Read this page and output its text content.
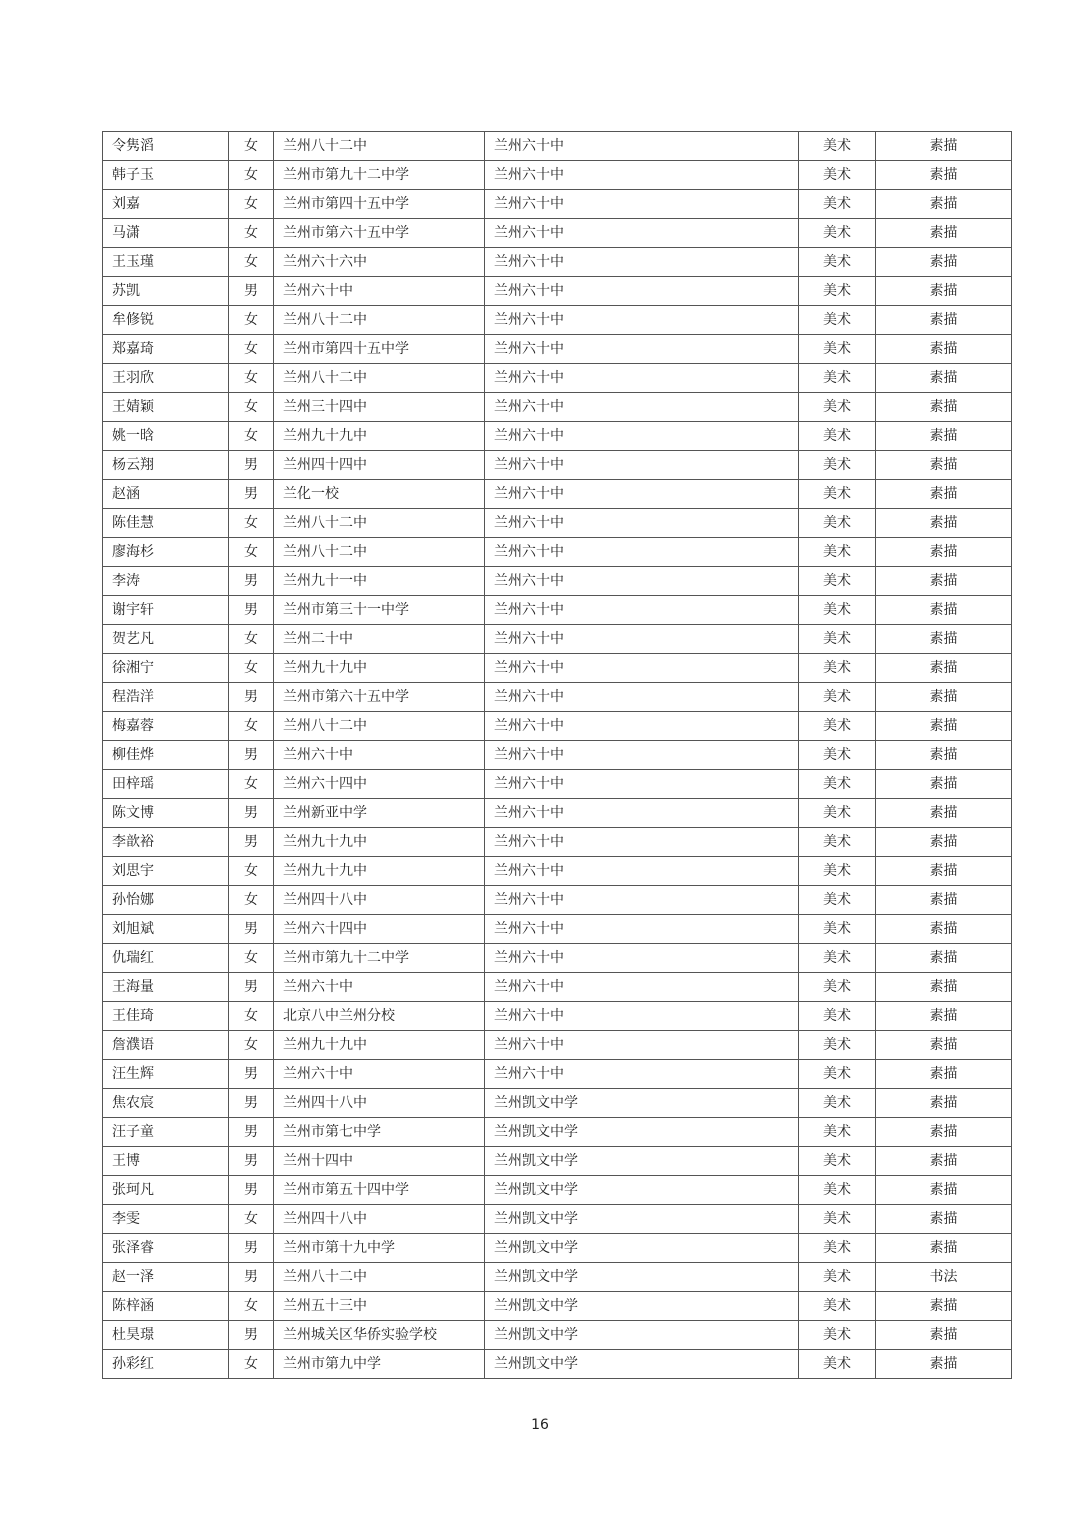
令隽滔	女	兰州八十二中	兰州六十中	美术	素描
韩子玉	女	兰州市第九十二中学	兰州六十中	美术	素描
刘嘉	女	兰州市第四十五中学	兰州六十中	美术	素描
马潇	女	兰州市第六十五中学	兰州六十中	美术	素描
王玉瑾	女	兰州六十六中	兰州六十中	美术	素描
苏凯	男	兰州六十中	兰州六十中	美术	素描
牟修锐	女	兰州八十二中	兰州六十中	美术	素描
郑嘉琦	女	兰州市第四十五中学	兰州六十中	美术	素描
王羽欣	女	兰州八十二中	兰州六十中	美术	素描
王婧颖	女	兰州三十四中	兰州六十中	美术	素描
姚一晗	女	兰州九十九中	兰州六十中	美术	素描
杨云翔	男	兰州四十四中	兰州六十中	美术	素描
赵涵	男	兰化一校	兰州六十中	美术	素描
陈佳慧	女	兰州八十二中	兰州六十中	美术	素描
廖海杉	女	兰州八十二中	兰州六十中	美术	素描
李涛	男	兰州九十一中	兰州六十中	美术	素描
谢宇轩	男	兰州市第三十一中学	兰州六十中	美术	素描
贺艺凡	女	兰州二十中	兰州六十中	美术	素描
徐湘宁	女	兰州九十九中	兰州六十中	美术	素描
程浩洋	男	兰州市第六十五中学	兰州六十中	美术	素描
梅嘉蓉	女	兰州八十二中	兰州六十中	美术	素描
柳佳烨	男	兰州六十中	兰州六十中	美术	素描
田梓瑶	女	兰州六十四中	兰州六十中	美术	素描
陈文博	男	兰州新亚中学	兰州六十中	美术	素描
李歆裕	男	兰州九十九中	兰州六十中	美术	素描
刘思宇	女	兰州九十九中	兰州六十中	美术	素描
孙怡娜	女	兰州四十八中	兰州六十中	美术	素描
刘旭斌	男	兰州六十四中	兰州六十中	美术	素描
仇瑞红	女	兰州市第九十二中学	兰州六十中	美术	素描
王海量	男	兰州六十中	兰州六十中	美术	素描
王佳琦	女	北京八中兰州分校	兰州六十中	美术	素描
詹濮语	女	兰州九十九中	兰州六十中	美术	素描
汪生辉	男	兰州六十中	兰州六十中	美术	素描
焦农宸	男	兰州四十八中	兰州凯文中学	美术	素描
汪子童	男	兰州市第七中学	兰州凯文中学	美术	素描
王博	男	兰州十四中	兰州凯文中学	美术	素描
张珂凡	男	兰州市第五十四中学	兰州凯文中学	美术	素描
李雯	女	兰州四十八中	兰州凯文中学	美术	素描
张泽睿	男	兰州市第十九中学	兰州凯文中学	美术	素描
赵一泽	男	兰州八十二中	兰州凯文中学	美术	书法
陈梓涵	女	兰州五十三中	兰州凯文中学	美术	素描
杜昊璟	男	兰州城关区华侨实验学校	兰州凯文中学	美术	素描
孙彩红	女	兰州市第九中学	兰州凯文中学	美术	素描
16
